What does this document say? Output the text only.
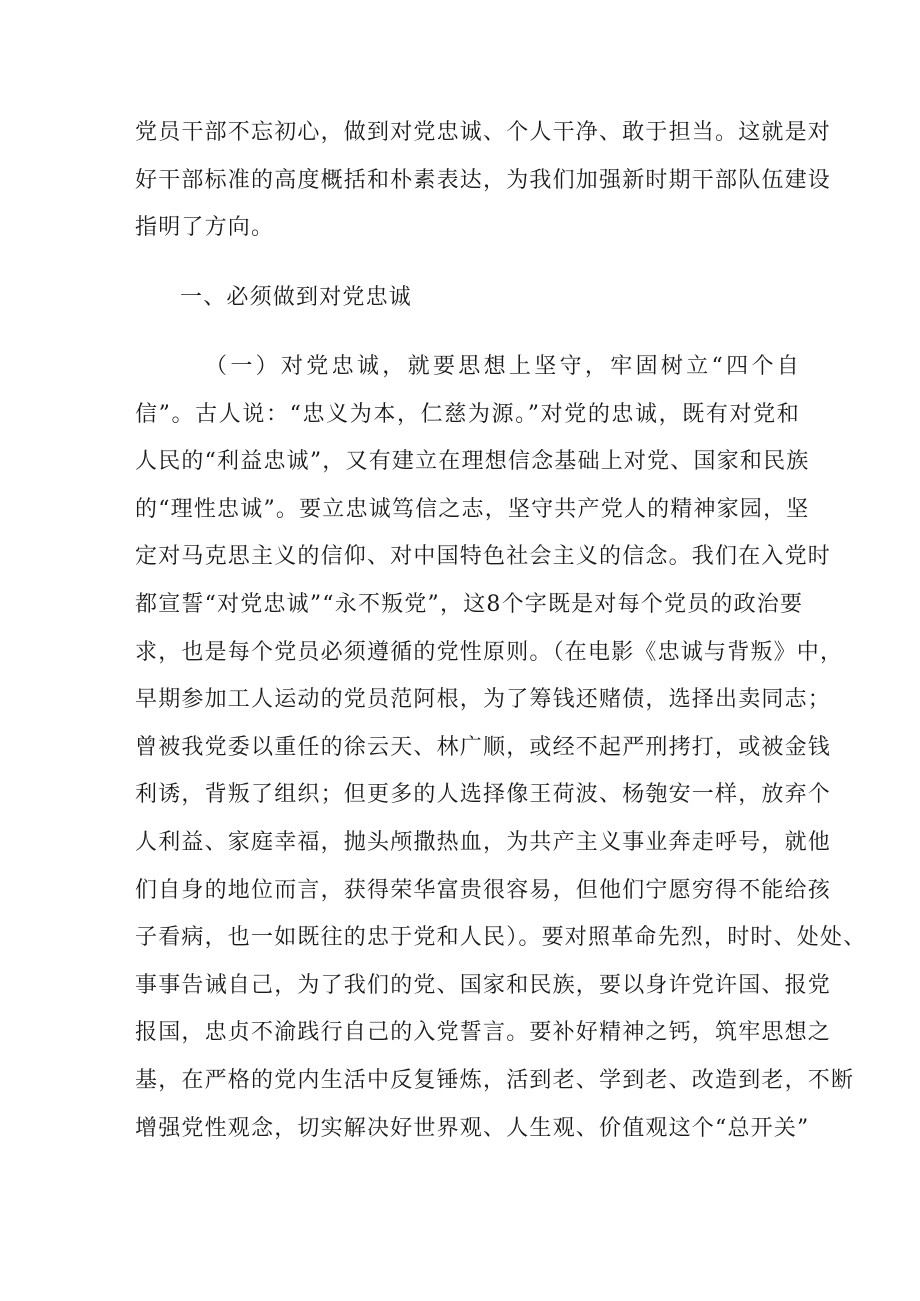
党员干部不忘初心，做到对党忠诚、个人干净、敢于担当。这就是对
好干部标准的高度概括和朴素表达，为我们加强新时期干部队伍建设
指明了方向。
一、必须做到对党忠诚
（一）对党忠诚，就要思想上坚守，牢固树立“四个自
信”。古人说：“忠义为本，仁慈为源。”对党的忠诚，既有对党和
人民的“利益忠诚”，又有建立在理想信念基础上对党、国家和民族
的“理性忠诚”。要立忠诚笃信之志，坚守共产党人的精神家园，坚
定对马克思主义的信仰、对中国特色社会主义的信念。我们在入党时
都宣誓“对党忠诚”“永不叛党”，这8个字既是对每个党员的政治要
求，也是每个党员必须遵循的党性原则。（在电影《忠诚与背叛》中，
早期参加工人运动的党员范阿根，为了筹钱还赌债，选择出卖同志；
曾被我党委以重任的徐云天、林广顺，或经不起严刑拷打，或被金钱
利诱，背叛了组织；但更多的人选择像王荷波、杨匏安一样，放弃个
人利益、家庭幸福，抛头颅撒热血，为共产主义事业奔走呼号，就他
们自身的地位而言，获得荣华富贵很容易，但他们宁愿穷得不能给孩
子看病，也一如既往的忠于党和人民）。要对照革命先烈，时时、处处、
事事告诫自己，为了我们的党、国家和民族，要以身许党许国、报党
报国，忠贞不渝践行自己的入党誓言。要补好精神之钙，筑牢思想之
基，在严格的党内生活中反复锤炼，活到老、学到老、改造到老，不断
增强党性观念，切实解决好世界观、人生观、价值观这个“总开关”
